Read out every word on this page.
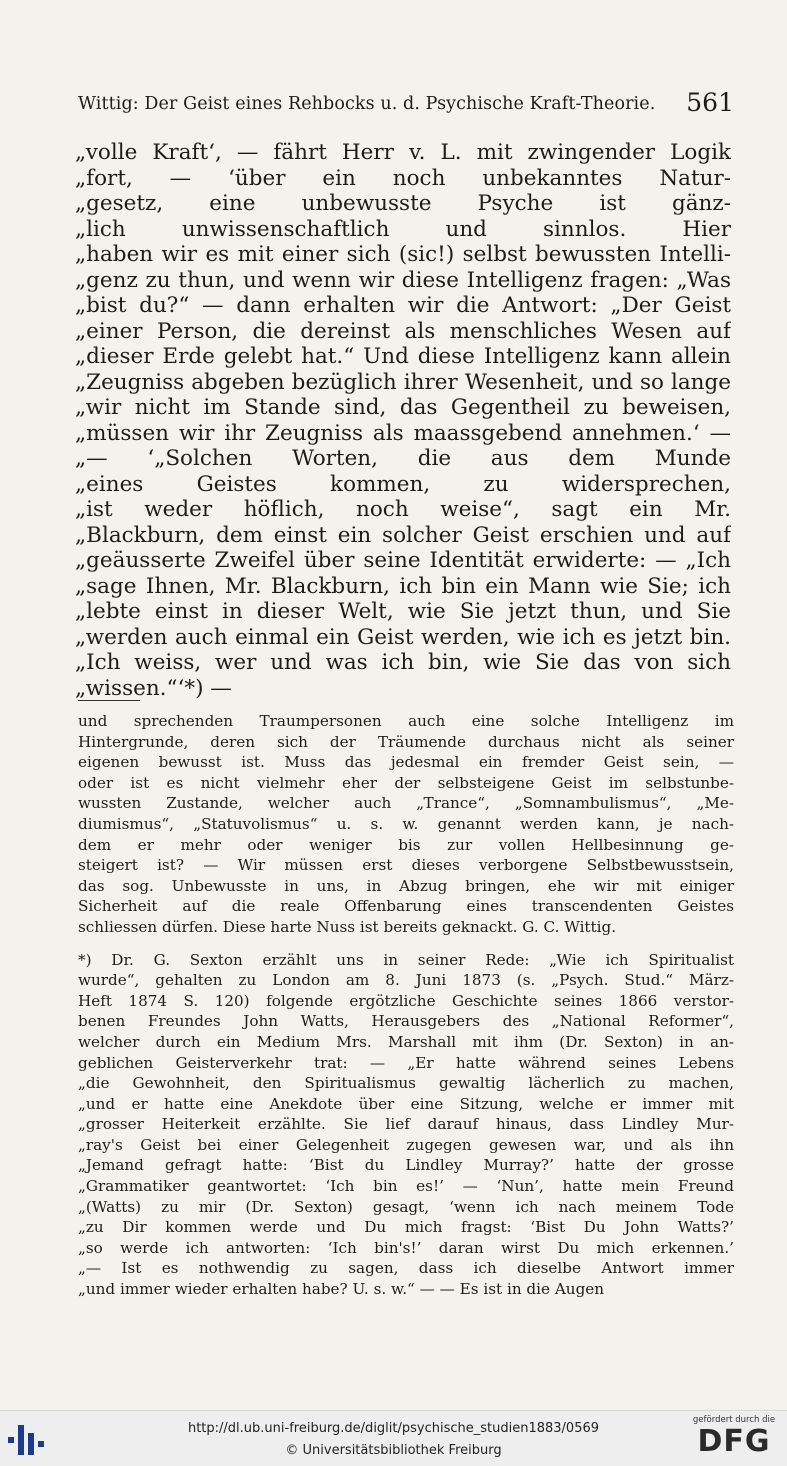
Wittig: Der Geist eines Rehbocks u. d. Psychische Kraft-Theorie. 561
„volle Kraft‘, — fährt Herr v. L. mit zwingender Logik
„fort, — ‘über ein noch unbekanntes Natur-
„gesetz, eine unbewusste Psyche ist gänz-
„lich unwissenschaftlich und sinnlos. Hier
„haben wir es mit einer sich (sic!) selbst bewussten Intelli-
„genz zu thun, und wenn wir diese Intelligenz fragen: „Was
„bist du?“ — dann erhalten wir die Antwort: „Der Geist
„einer Person, die dereinst als menschliches Wesen auf
„dieser Erde gelebt hat.“ Und diese Intelligenz kann allein
„Zeugniss abgeben bezüglich ihrer Wesenheit, und so lange
„wir nicht im Stande sind, das Gegentheil zu beweisen,
„müssen wir ihr Zeugniss als maassgebend annehmen.‘ —
„— ‘„Solchen Worten, die aus dem Munde
„eines Geistes kommen, zu widersprechen,
„ist weder höflich, noch weise“, sagt ein Mr.
„Blackburn, dem einst ein solcher Geist erschien und auf
„geäusserte Zweifel über seine Identität erwiderte: — „Ich
„sage Ihnen, Mr. Blackburn, ich bin ein Mann wie Sie; ich
„lebte einst in dieser Welt, wie Sie jetzt thun, und Sie
„werden auch einmal ein Geist werden, wie ich es jetzt bin.
„Ich weiss, wer und was ich bin, wie Sie das von sich
„wissen.“‘*) —
und sprechenden Traumpersonen auch eine solche Intelligenz im
Hintergrunde, deren sich der Träumende durchaus nicht als seiner
eigenen bewusst ist. Muss das jedesmal ein fremder Geist sein, —
oder ist es nicht vielmehr eher der selbsteigene Geist im selbstunbe-
wussten Zustande, welcher auch „Trance“, „Somnambulismus“, „Me-
diumismus“, „Statuvolismus“ u. s. w. genannt werden kann, je nach-
dem er mehr oder weniger bis zur vollen Hellbesinnung ge-
steigert ist? — Wir müssen erst dieses verborgene Selbstbewusstsein,
das sog. Unbewusste in uns, in Abzug bringen, ehe wir mit einiger
Sicherheit auf die reale Offenbarung eines transcendenten Geistes
schliessen dürfen. Diese harte Nuss ist bereits geknackt. G. C. Wittig.
*) Dr. G. Sexton erzählt uns in seiner Rede: „Wie ich Spiritualist
wurde“, gehalten zu London am 8. Juni 1873 (s. „Psych. Stud.“ März-
Heft 1874 S. 120) folgende ergötzliche Geschichte seines 1866 verstor-
benen Freundes John Watts, Herausgebers des „National Reformer“,
welcher durch ein Medium Mrs. Marshall mit ihm (Dr. Sexton) in an-
geblichen Geisterverkehr trat: — „Er hatte während seines Lebens
„die Gewohnheit, den Spiritualismus gewaltig lächerlich zu machen,
„und er hatte eine Anekdote über eine Sitzung, welche er immer mit
„grosser Heiterkeit erzählte. Sie lief darauf hinaus, dass Lindley Mur-
„ray's Geist bei einer Gelegenheit zugegen gewesen war, und als ihn
„Jemand gefragt hatte: ‘Bist du Lindley Murray?’ hatte der grosse
„Grammatiker geantwortet: ‘Ich bin es!’ — ‘Nun’, hatte mein Freund
„(Watts) zu mir (Dr. Sexton) gesagt, ‘wenn ich nach meinem Tode
„zu Dir kommen werde und Du mich fragst: ‘Bist Du John Watts?’
„so werde ich antworten: ‘Ich bin's!’ daran wirst Du mich erkennen.’
„— Ist es nothwendig zu sagen, dass ich dieselbe Antwort immer
„und immer wieder erhalten habe? U. s. w.“ — — Es ist in die Augen
http://dl.ub.uni-freiburg.de/diglit/psychische_studien1883/0569
© Universitätsbibliothek Freiburg
gefördert durch die
DFG
